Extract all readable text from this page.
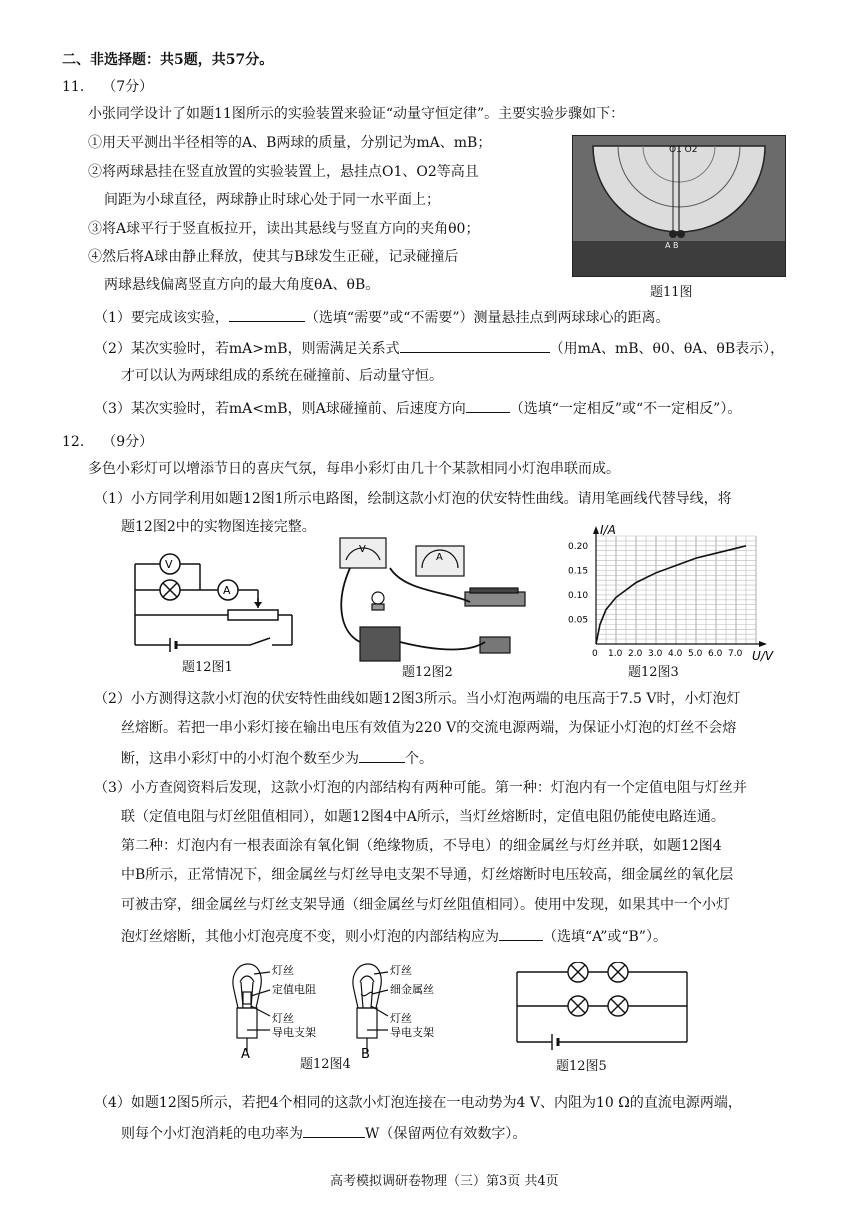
二、非选择题：共5题，共57分。
11. （7分）
小张同学设计了如题11图所示的实验装置来验证“动量守恒定律”。主要实验步骤如下：
①用天平测出半径相等的A、B两球的质量，分别记为mA、mB；
②将两球悬挂在竖直放置的实验装置上，悬挂点O1、O2等高且
间距为小球直径，两球静止时球心处于同一水平面上；
③将A球平行于竖直板拉开，读出其悬线与竖直方向的夹角θ0；
④然后将A球由静止释放，使其与B球发生正碰，记录碰撞后
两球悬线偏离竖直方向的最大角度θA、θB。
O1 O2
A B
题11图
（1）要完成该实验，	（选填“需要”或“不需要”）测量悬挂点到两球球心的距离。
（2）某次实验时，若mA>mB，则需满足关系式	（用mA、mB、θ0、θA、θB表示），
才可以认为两球组成的系统在碰撞前、后动量守恒。
（3）某次实验时，若mA<mB，则A球碰撞前、后速度方向	（选填“一定相反”或“不一定相反”）。
12. （9分）
多色小彩灯可以增添节日的喜庆气氛，每串小彩灯由几十个某款相同小灯泡串联而成。
（1）小方同学利用如题12图1所示电路图，绘制这款小灯泡的伏安特性曲线。请用笔画线代替导线，将
题12图2中的实物图连接完整。
V
A
题12图1
V
A
题12图2
I/A
U/V
0 1.0 2.0 3.0 4.0 5.0 6.0 7.0
0.05
0.10
0.15
0.20
题12图3
（2）小方测得这款小灯泡的伏安特性曲线如题12图3所示。当小灯泡两端的电压高于7.5 V时，小灯泡灯
丝熔断。若把一串小彩灯接在输出电压有效值为220 V的交流电源两端，为保证小灯泡的灯丝不会熔
断，这串小彩灯中的小灯泡个数至少为	个。
（3）小方查阅资料后发现，这款小灯泡的内部结构有两种可能。第一种：灯泡内有一个定值电阻与灯丝并
联（定值电阻与灯丝阻值相同），如题12图4中A所示，当灯丝熔断时，定值电阻仍能使电路连通。
第二种：灯泡内有一根表面涂有氧化铜（绝缘物质，不导电）的细金属丝与灯丝并联，如题12图4
中B所示，正常情况下，细金属丝与灯丝导电支架不导通，灯丝熔断时电压较高，细金属丝的氧化层
可被击穿，细金属丝与灯丝支架导通（细金属丝与灯丝阻值相同）。使用中发现，如果其中一个小灯
泡灯丝熔断，其他小灯泡亮度不变，则小灯泡的内部结构应为	（选填“A”或“B”）。
灯丝
定值电阻
灯丝
导电支架
A
灯丝
细金属丝
灯丝
导电支架
B
题12图4	题12图5
（4）如题12图5所示，若把4个相同的这款小灯泡连接在一电动势为4 V、内阻为10 Ω的直流电源两端，
则每个小灯泡消耗的电功率为	W（保留两位有效数字）。
高考模拟调研卷物理（三）第3页 共4页
